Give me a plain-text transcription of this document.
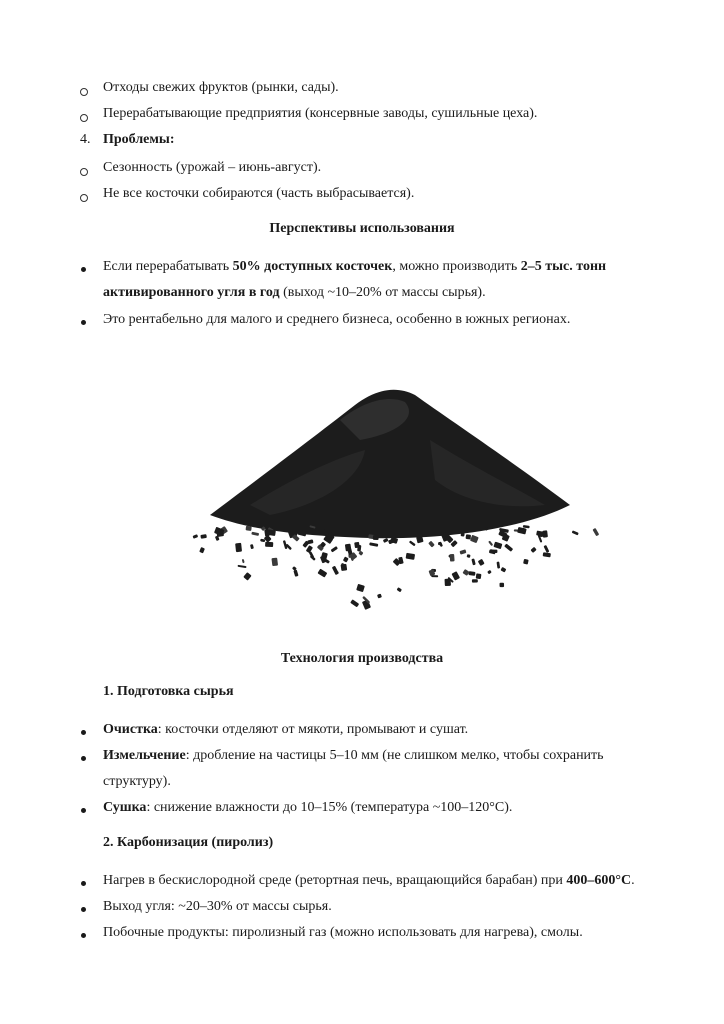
Отходы свежих фруктов (рынки, сады).
Перерабатывающие предприятия (консервные заводы, сушильные цеха).
4. Проблемы:
Сезонность (урожай – июнь-август).
Не все косточки собираются (часть выбрасывается).
Перспективы использования
Если перерабатывать 50% доступных косточек, можно производить 2–5 тыс. тонн
активированного угля в год (выход ~10–20% от массы сырья).
Это рентабельно для малого и среднего бизнеса, особенно в южных регионах.
Технология производства
1. Подготовка сырья
Очистка: косточки отделяют от мякоти, промывают и сушат.
Измельчение: дробление на частицы 5–10 мм (не слишком мелко, чтобы сохранить
структуру).
Сушка: снижение влажности до 10–15% (температура ~100–120°C).
2. Карбонизация (пиролиз)
Нагрев в бескислородной среде (ретортная печь, вращающийся барабан) при 400–600°C.
Выход угля: ~20–30% от массы сырья.
Побочные продукты: пиролизный газ (можно использовать для нагрева), смолы.
